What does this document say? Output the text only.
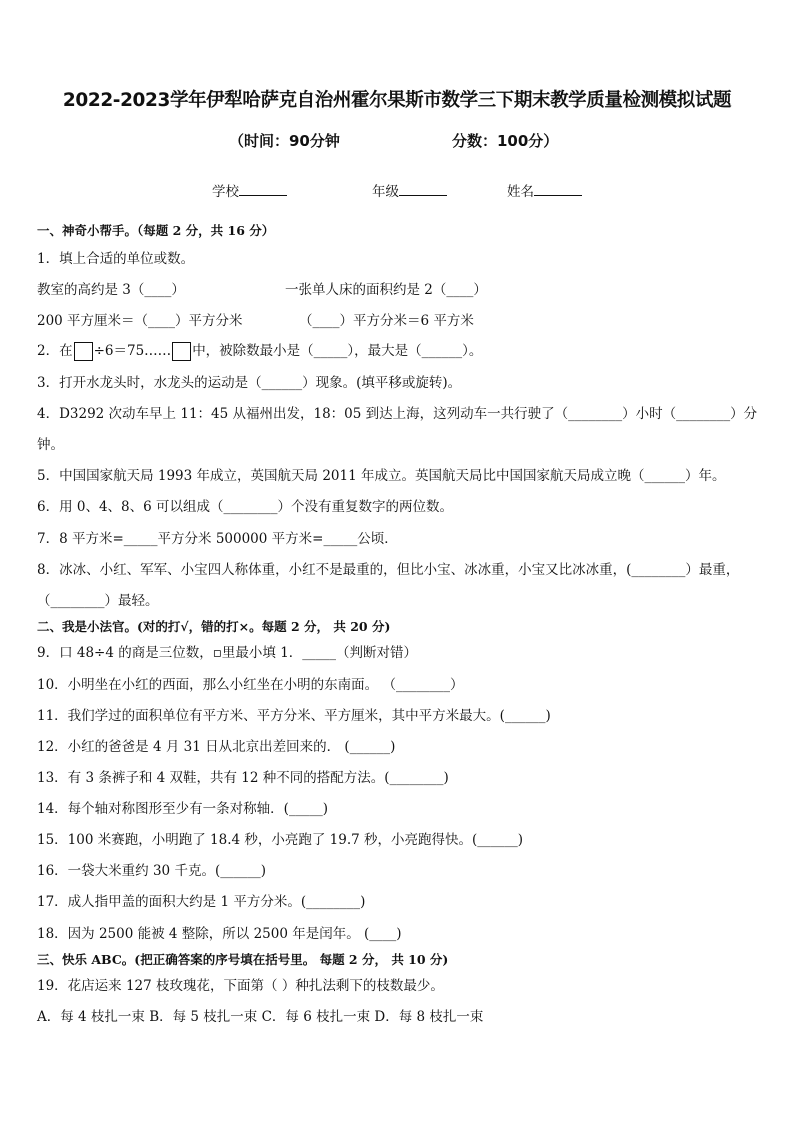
2022-2023学年伊犁哈萨克自治州霍尔果斯市数学三下期末教学质量检测模拟试题
（时间：90分钟	分数：100分）
学校	年级	姓名
一、神奇小帮手。（每题 2 分，共 16 分）
1．填上合适的单位或数。
教室的高约是 3（____）	一张单人床的面积约是 2（____）
200 平方厘米＝（____）平方分米	（____）平方分米＝6 平方米
2．在 ÷6＝75…… 中，被除数最小是（_____），最大是（______）。
3．打开水龙头时，水龙头的运动是（______）现象。(填平移或旋转)。
4．D3292 次动车早上 11：45 从福州出发，18：05 到达上海，这列动车一共行驶了（________）小时（________）分
钟。
5．中国国家航天局 1993 年成立，英国航天局 2011 年成立。英国航天局比中国国家航天局成立晚（______）年。
6．用 0、4、8、6 可以组成（________）个没有重复数字的两位数。
7．8 平方米=_____平方分米 500000 平方米=_____公顷．
8．冰冰、小红、军军、小宝四人称体重，小红不是最重的，但比小宝、冰冰重，小宝又比冰冰重，(________）最重，
（________）最轻。
二、我是小法官。(对的打√，错的打×。每题 2 分， 共 20 分)
9．口 48÷4 的商是三位数，▫里最小填 1．_____（判断对错）
10．小明坐在小红的西面，那么小红坐在小明的东南面。 （________）
11．我们学过的面积单位有平方米、平方分米、平方厘米，其中平方米最大。(______)
12．小红的爸爸是 4 月 31 日从北京出差回来的． (______)
13．有 3 条裤子和 4 双鞋，共有 12 种不同的搭配方法。(________)
14．每个轴对称图形至少有一条对称轴．(_____)
15．100 米赛跑，小明跑了 18.4 秒，小亮跑了 19.7 秒，小亮跑得快。(______)
16．一袋大米重约 30 千克。(______)
17．成人指甲盖的面积大约是 1 平方分米。(________)
18．因为 2500 能被 4 整除，所以 2500 年是闰年。 (____)
三、快乐 ABC。(把正确答案的序号填在括号里。 每题 2 分， 共 10 分)
19．花店运来 127 枝玫瑰花，下面第（ ）种扎法剩下的枝数最少。
A．每 4 枝扎一束 B．每 5 枝扎一束 C．每 6 枝扎一束 D．每 8 枝扎一束
